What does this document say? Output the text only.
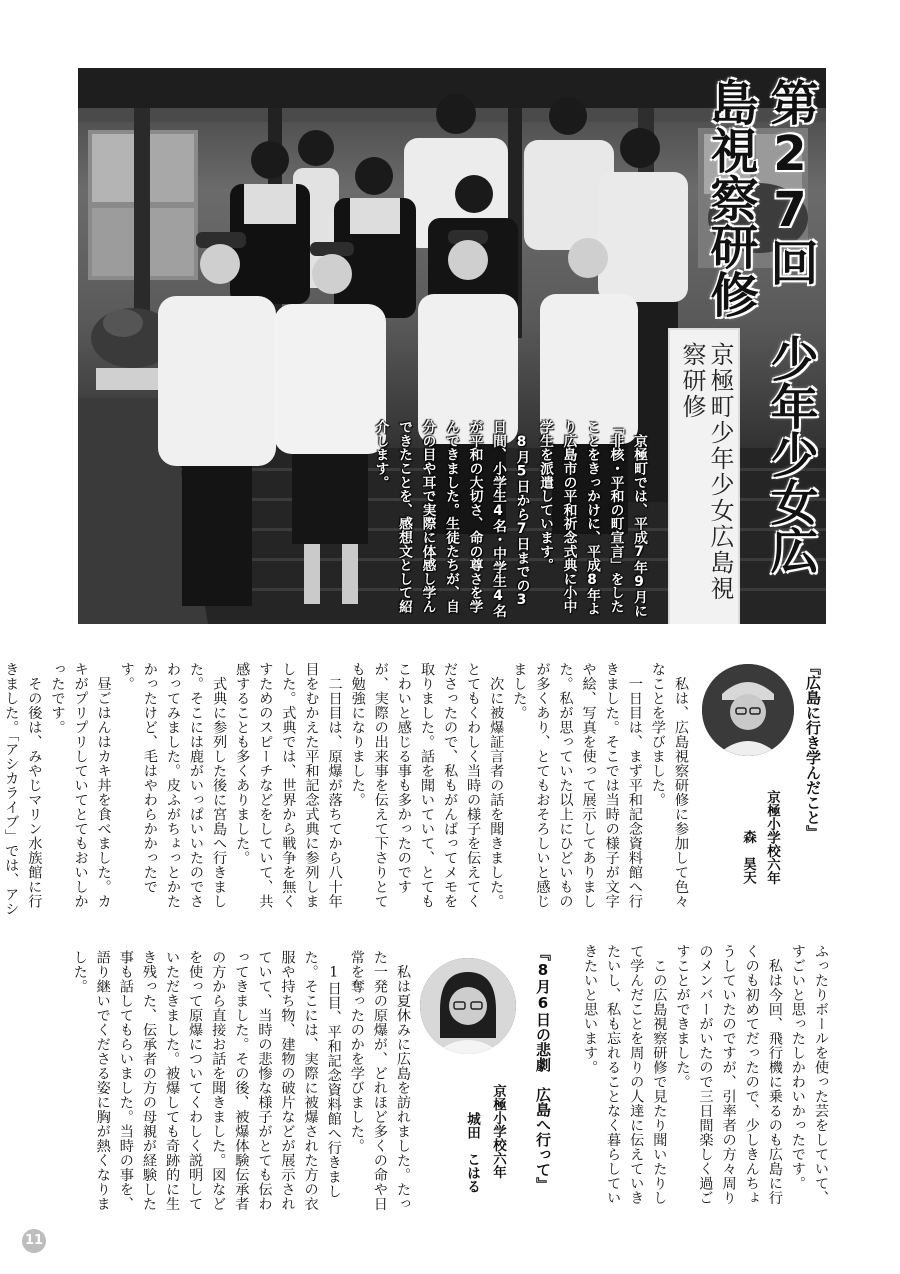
京極町少年少女広島視察研修	第27回　少年少女広島視察研修
　京極町では、平成7年9月に「非核・平和の町宣言」をしたことをきっかけに、平成8年より広島市の平和祈念式典に小中学生を派遣しています。
　8月5日から7日までの3日間、小学生4名・中学生4名が平和の大切さ、命の尊さを学んできました。生徒たちが、自分の目や耳で実際に体感し学んできたことを、感想文として紹介します。
『広島に行き学んだこと』
京極小学校六年
森　昊天
　私は、広島視察研修に参加して色々なことを学びました。
　一日目は、まず平和記念資料館へ行きました。そこでは当時の様子が文字や絵、写真を使って展示してありました。私が思っていた以上にひどいものが多くあり、とてもおそろしいと感じました。
　次に被爆証言者の話を聞きました。とてもくわしく当時の様子を伝えてくださったので、私もがんばってメモを取りました。話を聞いていて、とてもこわいと感じる事も多かったのですが、実際の出来事を伝えて下さりとても勉強になりました。
　二日目は、原爆が落ちてから八十年目をむかえた平和記念式典に参列しました。式典では、世界から戦争を無くすためのスピーチなどをしていて、共感することも多くありました。
　式典に参列した後に宮島へ行きました。そこには鹿がいっぱいいたのでさわってみました。皮ふがちょっとかたかったけど、毛はやわらかかったです。
　昼ごはんはカキ丼を食べました。カキがプリプリしていてとてもおいしかったです。
　その後は、みやじマリン水族館に行きました。「アシカライブ」では、アシ
ふったりボールを使った芸をしていて、すごいと思ったしかわいかったです。
　私は今回、飛行機に乗るのも広島に行くのも初めてだったので、少しきんちょうしていたのですが、引率者の方々周りのメンバーがいたので三日間楽しく過ごすことができました。
　この広島視察研修で見たり聞いたりして学んだことを周りの人達に伝えていきたいし、私も忘れることなく暮らしていきたいと思います。
『8月6日の悲劇　広島へ行って』
京極小学校六年
城田　こはる
　私は夏休みに広島を訪れました。たった一発の原爆が、どれほど多くの命や日常を奪ったのかを学びました。
　1日目、平和記念資料館へ行きました。そこには、実際に被爆された方の衣服や持ち物、建物の破片などが展示されていて、当時の悲惨な様子がとても伝わってきました。その後、被爆体験伝承者の方から直接お話を聞きました。図などを使って原爆についてくわしく説明していただきました。被爆しても奇跡的に生き残った、伝承者の方の母親が経験した事も話してもらいました。当時の事を、語り継いでくださる姿に胸が熱くなりました。
11
